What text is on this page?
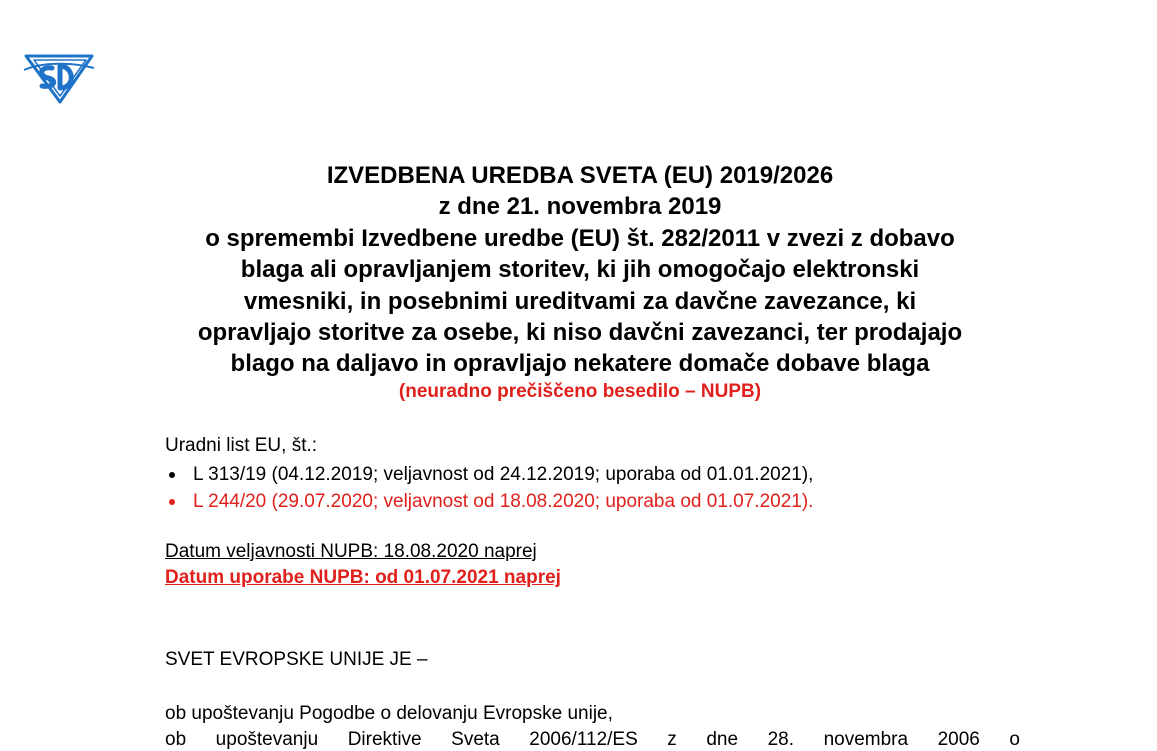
IZVEDBENA UREDBA SVETA (EU) 2019/2026
z dne 21. novembra 2019
o spremembi Izvedbene uredbe (EU) št. 282/2011 v zvezi z dobavo
blaga ali opravljanjem storitev, ki jih omogočajo elektronski
vmesniki, in posebnimi ureditvami za davčne zavezance, ki
opravljajo storitve za osebe, ki niso davčni zavezanci, ter prodajajo
blago na daljavo in opravljajo nekatere domače dobave blaga
(neuradno prečiščeno besedilo – NUPB)
Uradni list EU, št.:
L 313/19 (04.12.2019; veljavnost od 24.12.2019; uporaba od 01.01.2021),
L 244/20 (29.07.2020; veljavnost od 18.08.2020; uporaba od 01.07.2021).
Datum veljavnosti NUPB: 18.08.2020 naprej
Datum uporabe NUPB: od 01.07.2021 naprej
SVET EVROPSKE UNIJE JE –
ob upoštevanju Pogodbe o delovanju Evropske unije,
ob upoštevanju Direktive Sveta 2006/112/ES z dne 28. novembra 2006 o
